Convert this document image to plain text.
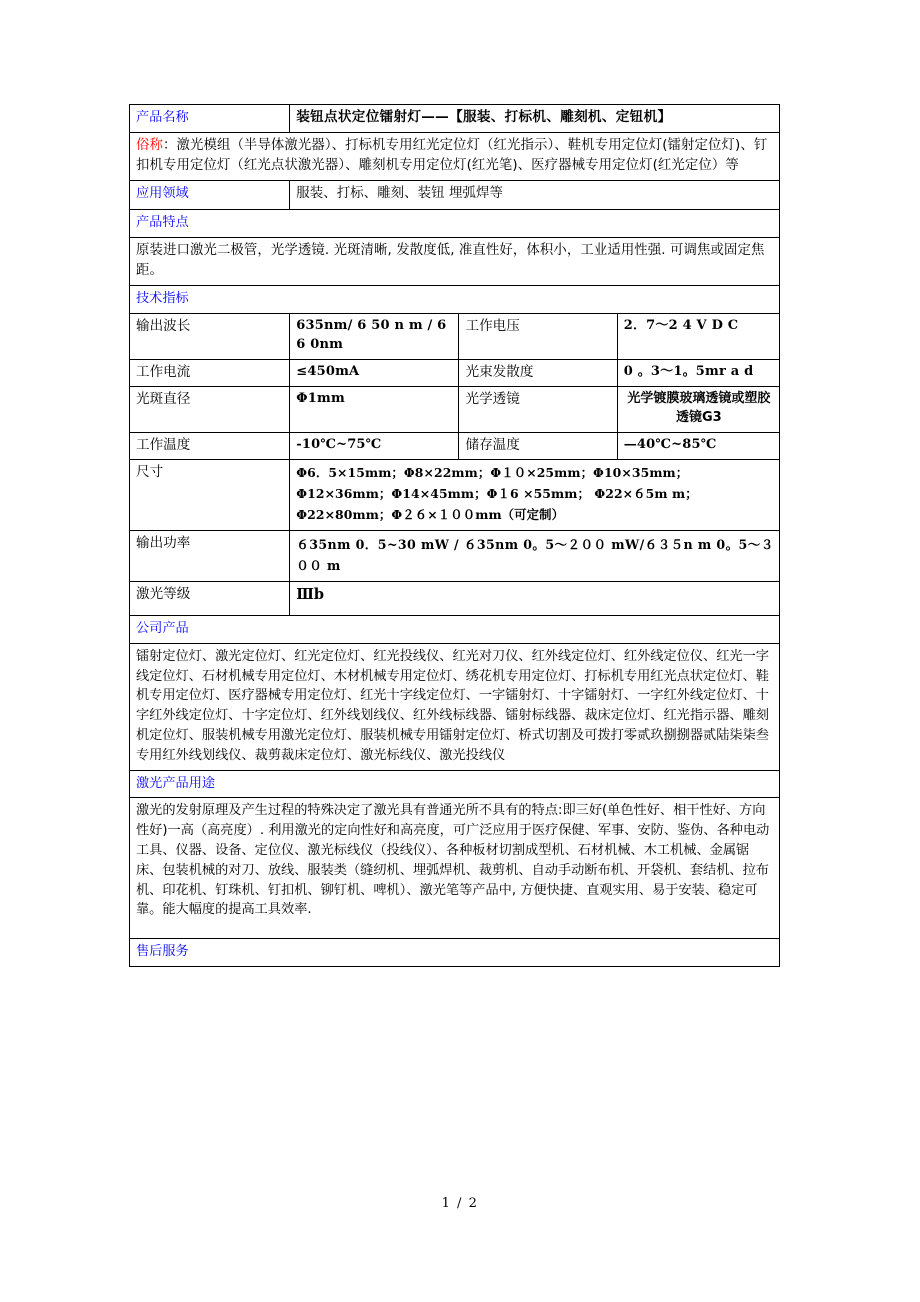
产品名称	装钮点状定位镭射灯——【服装、打标机、雕刻机、定钮机】		
俗称：激光模组（半导体激光器）、打标机专用红光定位灯（红光指示）、鞋机专用定位灯(镭射定位灯)、钉扣机专用定位灯（红光点状激光器）、雕刻机专用定位灯(红光笔)、医疗器械专用定位灯(红光定位）等			
应用领域	服装、打标、雕刻、装钮 埋弧焊等		
产品特点			
原装进口激光二极管，光学透镜. 光斑清晰, 发散度低, 准直性好，体积小，工业适用性强. 可调焦或固定焦距。			
技术指标			
输出波长	635nm/ 6 50 n m / 6 6 0nm	工作电压	2．7～2 4 V D C
工作电流	≤450mA	光束发散度	0 。3～1。5mr a d
光斑直径	Φ1mm	光学透镜	光学镀膜玻璃透镜或塑胶透镜G3
工作温度	-10℃~75℃	储存温度	—40℃~85℃
尺寸	Φ6．5×15mm；Φ8×22mm；Φ１０×25mm；Φ10×35mm；Φ12×36mm；Φ14×45mm；Φ１6 ×55mm； Φ22×６5m m； Φ22×80mm；Φ２６×１００mm（可定制）		
输出功率	６35nm 0．5~30 mW / ６35nm 0。5～２００ mW/６３５n m 0。5～３００ m		
激光等级	Ⅲb		
公司产品			
镭射定位灯、激光定位灯、红光定位灯、红光投线仪、红光对刀仪、红外线定位灯、红外线定位仪、红光一字线定位灯、石材机械专用定位灯、木材机械专用定位灯、绣花机专用定位灯、打标机专用红光点状定位灯、鞋机专用定位灯、医疗器械专用定位灯、红光十字线定位灯、一字镭射灯、十字镭射灯、一字红外线定位灯、十字红外线定位灯、十字定位灯、红外线划线仪、红外线标线器、镭射标线器、裁床定位灯、红光指示器、雕刻机定位灯、服装机械专用激光定位灯、服装机械专用镭射定位灯、桥式切割及可拨打零贰玖捌捌器贰陆柒柒叁专用红外线划线仪、裁剪裁床定位灯、激光标线仪、激光投线仪			
激光产品用途			
激光的发射原理及产生过程的特殊决定了激光具有普通光所不具有的特点:即三好(单色性好、相干性好、方向性好)一高（高亮度）. 利用激光的定向性好和高亮度，可广泛应用于医疗保健、军事、安防、鉴伪、各种电动工具、仪器、设备、定位仪、激光标线仪（投线仪）、各种板材切割成型机、石材机械、木工机械、金属锯床、包装机械的对刀、放线、服装类（缝纫机、埋弧焊机、裁剪机、自动手动断布机、开袋机、套结机、拉布机、印花机、钉珠机、钉扣机、铆钉机、啤机）、激光笔等产品中, 方便快捷、直观实用、易于安装、稳定可靠。能大幅度的提高工具效率.			
售后服务			
1 / 2
